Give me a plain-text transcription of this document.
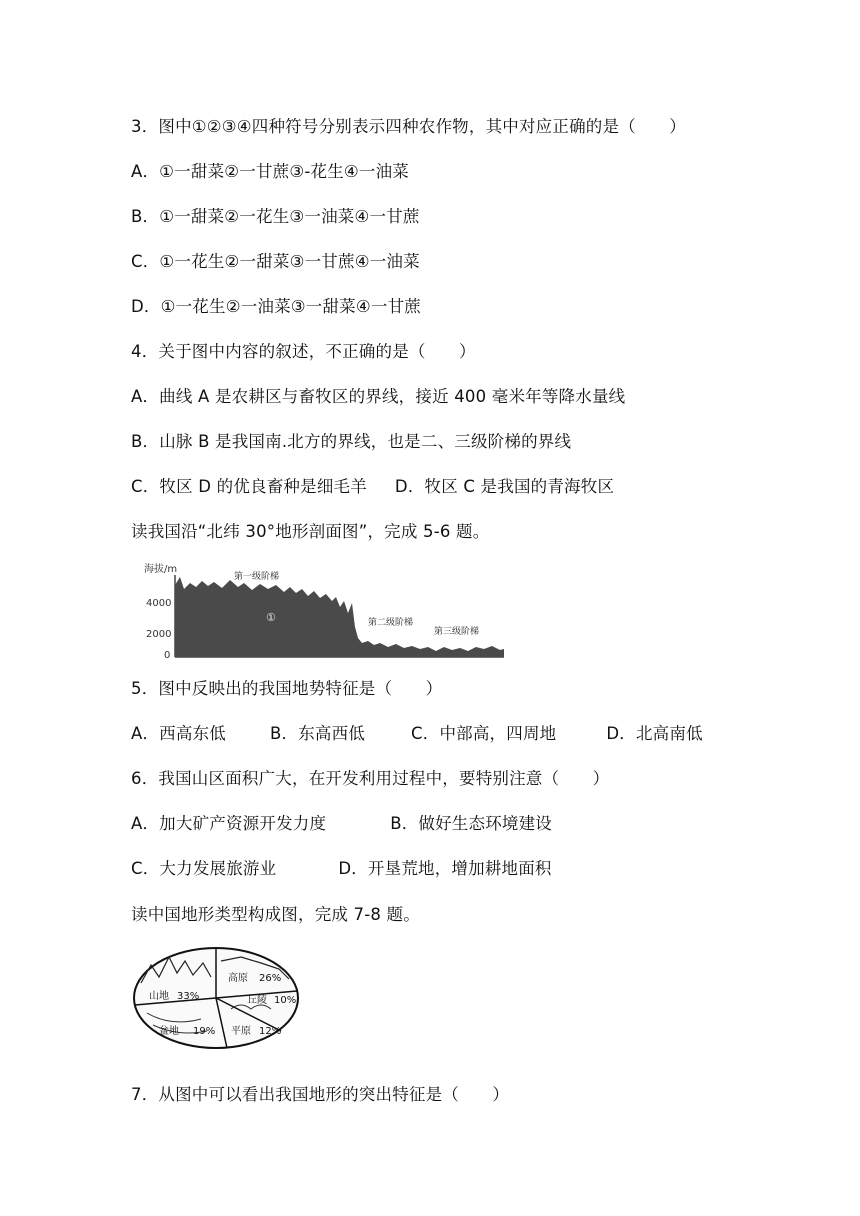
3．图中①②③④四种符号分别表示四种农作物，其中对应正确的是（　　）
A．①一甜菜②一甘蔗③-花生④一油菜
B．①一甜菜②一花生③一油菜④一甘蔗
C．①一花生②一甜菜③一甘蔗④一油菜
D．①一花生②一油菜③一甜菜④一甘蔗
4．关于图中内容的叙述，不正确的是（　　）
A．曲线 A 是农耕区与畜牧区的界线，接近 400 毫米年等降水量线
B．山脉 B 是我国南.北方的界线，也是二、三级阶梯的界线
C．牧区 D 的优良畜种是细毛羊 D．牧区 C 是我国的青海牧区
读我国沿“北纬 30°地形剖面图”，完成 5-6 题。
海拔/m
4000
2000
0
第一级阶梯
第二级阶梯
第三级阶梯
①
5．图中反映出的我国地势特征是（　　）
A．西高东低	B．东高西低	C．中部高，四周地	D．北高南低
6．我国山区面积广大，在开发利用过程中，要特别注意（　　）
A．加大矿产资源开发力度	B．做好生态环境建设
C．大力发展旅游业	D．开垦荒地，增加耕地面积
读中国地形类型构成图，完成 7-8 题。
高原 26%
山地 33%	丘陵 10%
盆地 19% 平原 12%
7．从图中可以看出我国地形的突出特征是（　　）
